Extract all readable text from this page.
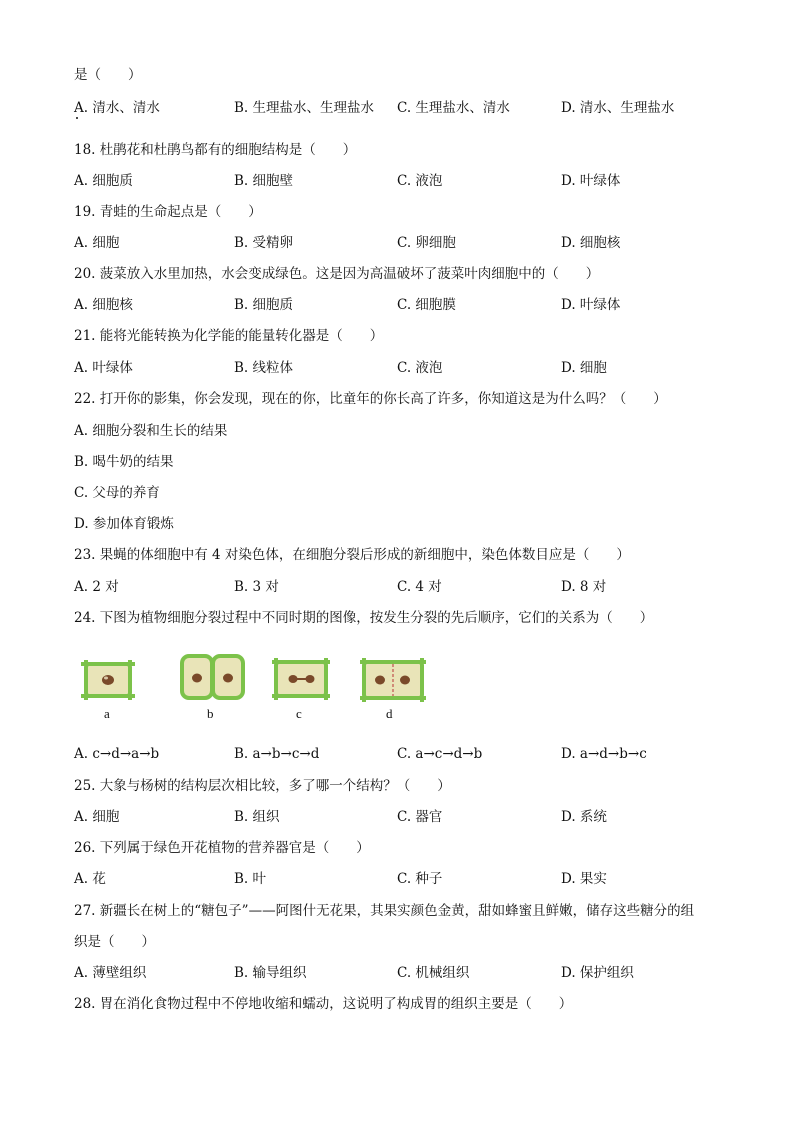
是（　　）
A. 清水、清水	B. 生理盐水、生理盐水 C. 生理盐水、清水	D. 清水、生理盐水
18. 杜鹃花和杜鹃鸟都有的细胞结构是（　　）
A. 细胞质	B. 细胞壁	C. 液泡	D. 叶绿体
19. 青蛙的生命起点是（　　）
A. 细胞	B. 受精卵	C. 卵细胞	D. 细胞核
20. 菠菜放入水里加热，水会变成绿色。这是因为高温破坏了菠菜叶肉细胞中的（　　）
A. 细胞核	B. 细胞质	C. 细胞膜	D. 叶绿体
21. 能将光能转换为化学能的能量转化器是（　　）
A. 叶绿体	B. 线粒体	C. 液泡	D. 细胞
22. 打开你的影集，你会发现，现在的你，比童年的你长高了许多，你知道这是为什么吗？（　　）
A. 细胞分裂和生长的结果
B. 喝牛奶的结果
C. 父母的养育
D. 参加体育锻炼
23. 果蝇的体细胞中有 4 对染色体，在细胞分裂后形成的新细胞中，染色体数目应是（　　）
A. 2 对	B. 3 对	C. 4 对	D. 8 对
24. 下图为植物细胞分裂过程中不同时期的图像，按发生分裂的先后顺序，它们的关系为（　　）
a	b	c	d
A. c→d→a→b	B. a→b→c→d	C. a→c→d→b	D. a→d→b→c
25. 大象与杨树的结构层次相比较，多了哪一个结构？（　　）
A. 细胞	B. 组织	C. 器官	D. 系统
26. 下列属于绿色开花植物的营养器官是（　　）
A. 花	B. 叶	C. 种子	D. 果实
27. 新疆长在树上的“糖包子”——阿图什无花果，其果实颜色金黄，甜如蜂蜜且鲜嫩，储存这些糖分的组
织是（　　）
A. 薄壁组织	B. 输导组织	C. 机械组织	D. 保护组织
28. 胃在消化食物过程中不停地收缩和蠕动，这说明了构成胃的组织主要是（　　）
